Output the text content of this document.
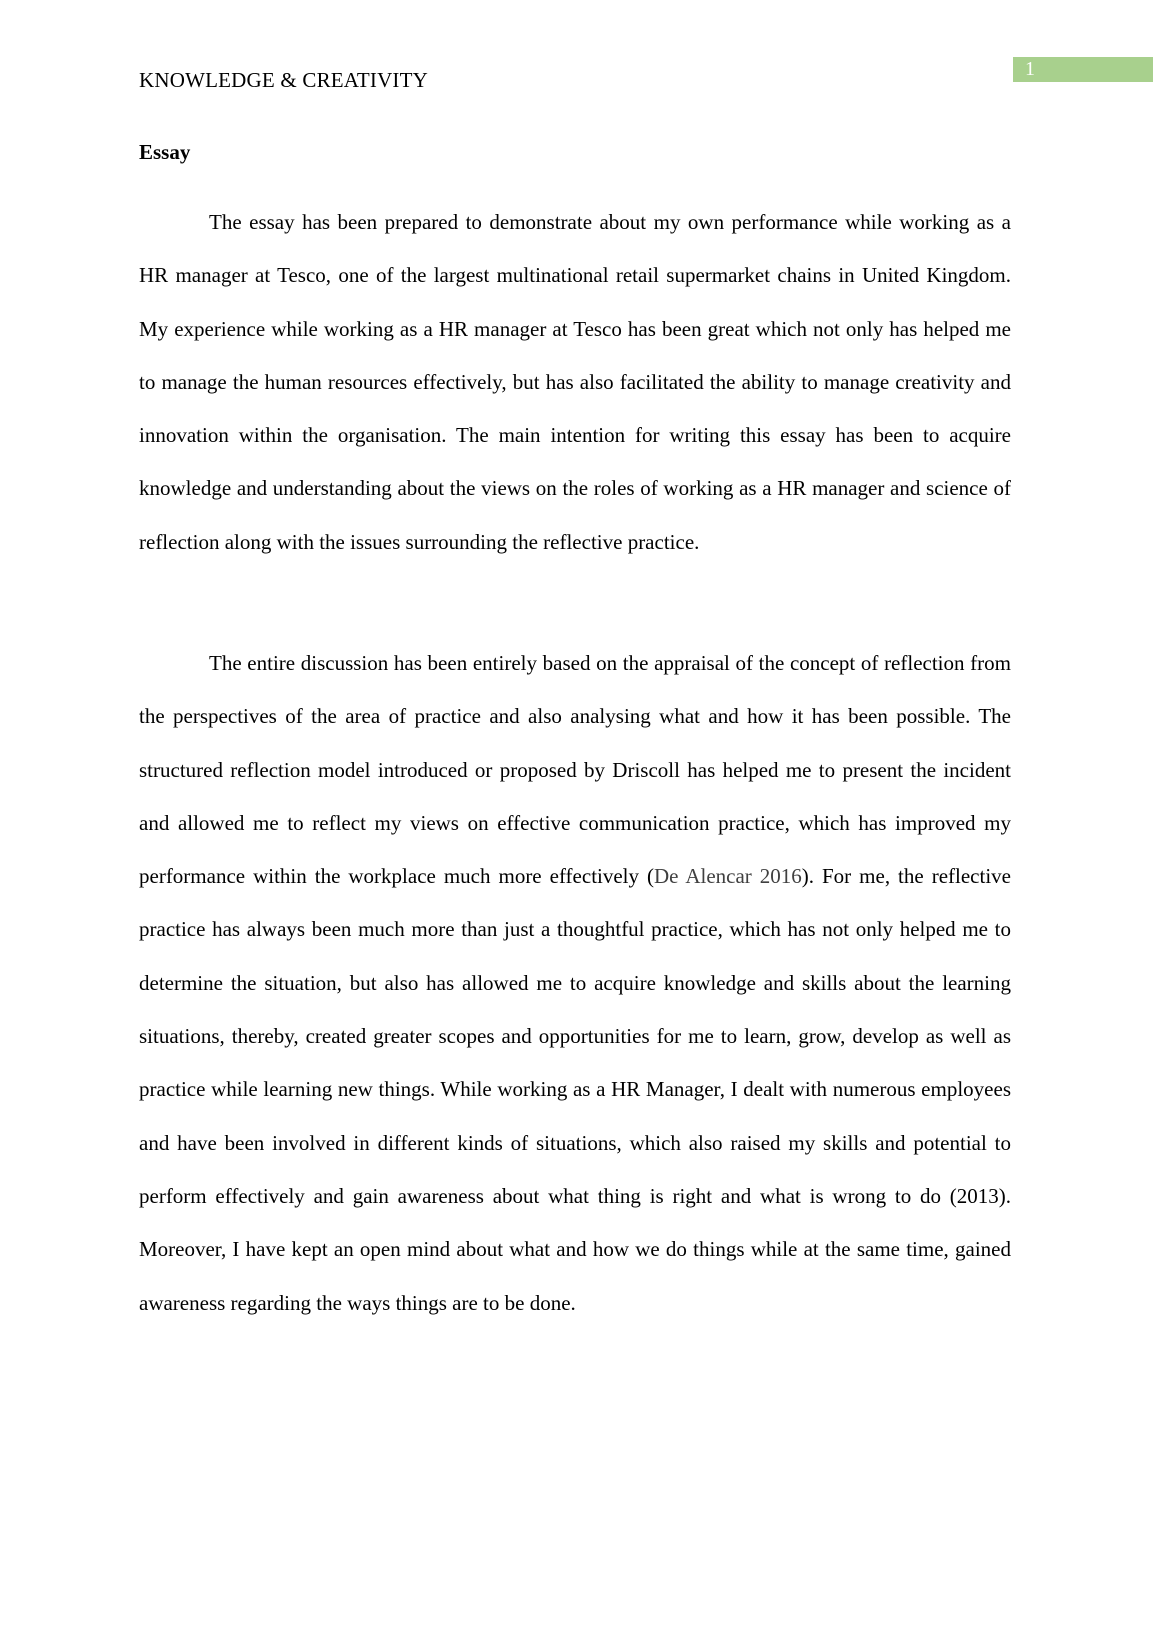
1
KNOWLEDGE & CREATIVITY
Essay

The essay has been prepared to demonstrate about my own performance while working as a HR manager at Tesco, one of the largest multinational retail supermarket chains in United Kingdom. My experience while working as a HR manager at Tesco has been great which not only has helped me to manage the human resources effectively, but has also facilitated the ability to manage creativity and innovation within the organisation. The main intention for writing this essay has been to acquire knowledge and understanding about the views on the roles of working as a HR manager and science of reflection along with the issues surrounding the reflective practice.

The entire discussion has been entirely based on the appraisal of the concept of reflection from the perspectives of the area of practice and also analysing what and how it has been possible. The structured reflection model introduced or proposed by Driscoll has helped me to present the incident and allowed me to reflect my views on effective communication practice, which has improved my performance within the workplace much more effectively (De Alencar 2016). For me, the reflective practice has always been much more than just a thoughtful practice, which has not only helped me to determine the situation, but also has allowed me to acquire knowledge and skills about the learning situations, thereby, created greater scopes and opportunities for me to learn, grow, develop as well as practice while learning new things. While working as a HR Manager, I dealt with numerous employees and have been involved in different kinds of situations, which also raised my skills and potential to perform effectively and gain awareness about what thing is right and what is wrong to do (2013). Moreover, I have kept an open mind about what and how we do things while at the same time, gained awareness regarding the ways things are to be done.
